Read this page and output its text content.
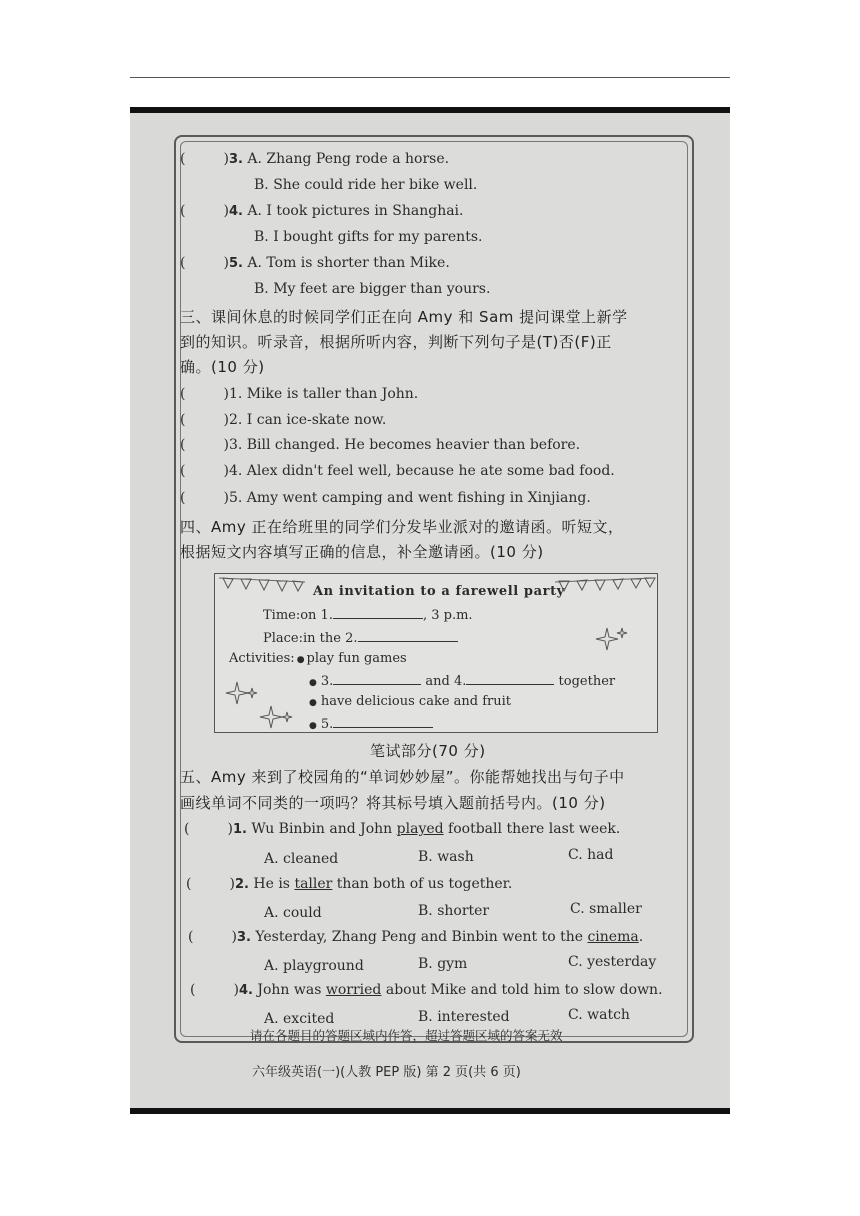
(	)3. A. Zhang Peng rode a horse.
B. She could ride her bike well.
(	)4. A. I took pictures in Shanghai.
B. I bought gifts for my parents.
(	)5. A. Tom is shorter than Mike.
B. My feet are bigger than yours.
三、课间休息的时候同学们正在向 Amy 和 Sam 提问课堂上新学
到的知识。听录音，根据所听内容，判断下列句子是(T)否(F)正
确。(10 分)
(	)1. Mike is taller than John.
(	)2. I can ice-skate now.
(	)3. Bill changed. He becomes heavier than before.
(	)4. Alex didn't feel well, because he ate some bad food.
(	)5. Amy went camping and went fishing in Xinjiang.
四、Amy 正在给班里的同学们分发毕业派对的邀请函。听短文，
根据短文内容填写正确的信息，补全邀请函。(10 分)
An invitation to a farewell party
Time:on 1.	, 3 p.m.
Place:in the 2.
Activities: ● play fun games
● 3.	and 4.	together
● have delicious cake and fruit
● 5.
笔试部分(70 分)
五、Amy 来到了校园角的“单词妙妙屋”。你能帮她找出与句子中
画线单词不同类的一项吗？将其标号填入题前括号内。(10 分)
(	)1. Wu Binbin and John played football there last week.
A. cleaned	B. wash	C. had
(	)2. He is taller than both of us together.
A. could	B. shorter	C. smaller
(	)3. Yesterday, Zhang Peng and Binbin went to the cinema.
A. playground	B. gym	C. yesterday
(	)4. John was worried about Mike and told him to slow down.
A. excited	B. interested	C. watch
请在各题目的答题区域内作答，超过答题区域的答案无效
六年级英语(一)(人教 PEP 版) 第 2 页(共 6 页)
